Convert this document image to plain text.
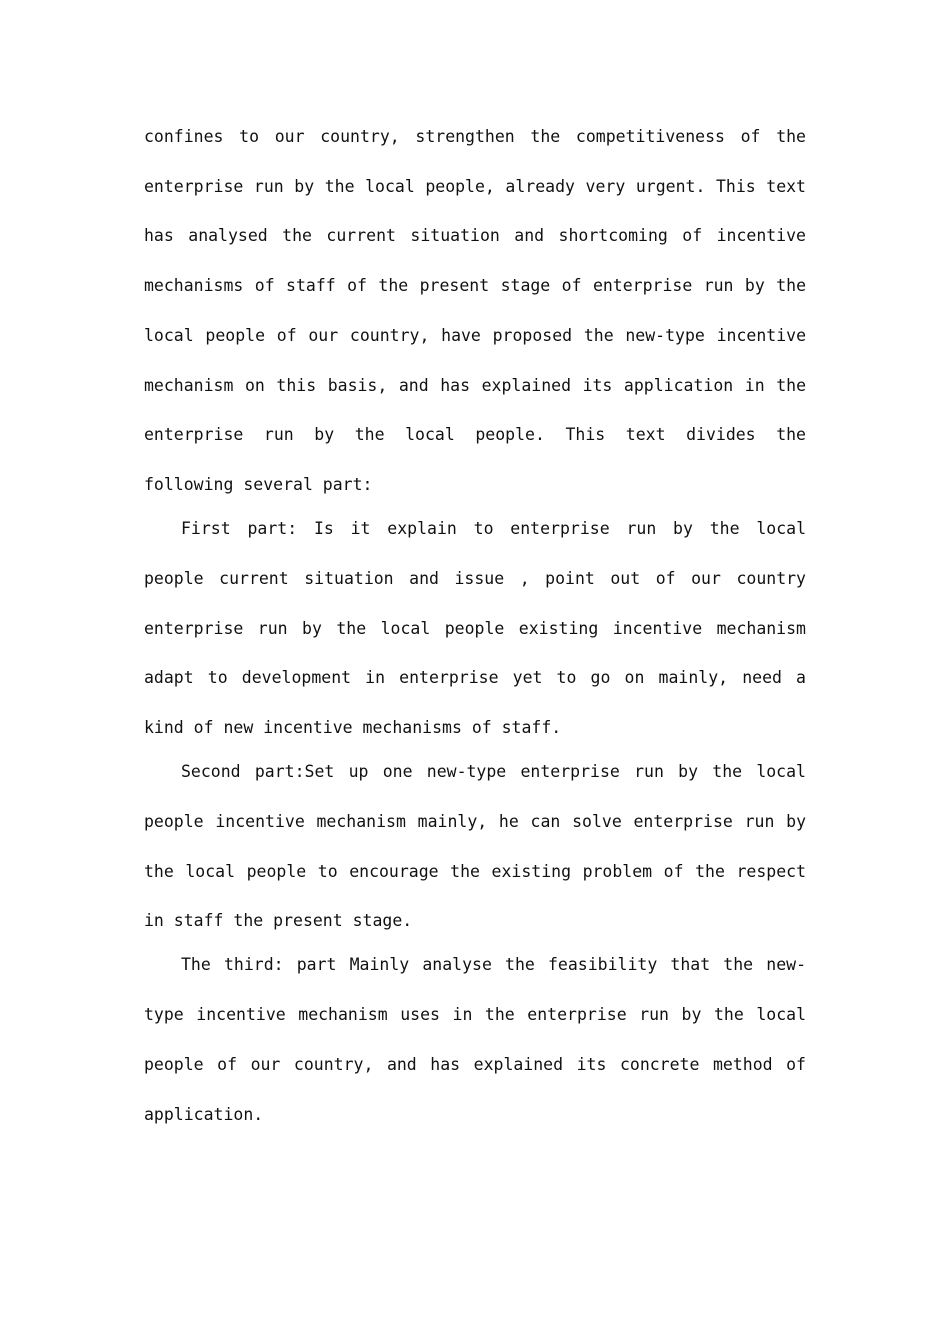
confines to our country, strengthen the competitiveness of the enterprise run by the local people, already very urgent. This text has analysed the current situation and shortcoming of incentive mechanisms of staff of the present stage of enterprise run by the local people of our country, have proposed the new-type incentive mechanism on this basis, and has explained its application in the enterprise run by the local people. This text divides the following several part:

First part: Is it explain to enterprise run by the local people current situation and issue , point out of our country enterprise run by the local people existing incentive mechanism adapt to development in enterprise yet to go on mainly, need a kind of new incentive mechanisms of staff.

Second part:Set up one new-type enterprise run by the local people incentive mechanism mainly, he can solve enterprise run by the local people to encourage the existing problem of the respect in staff the present stage.

The third: part Mainly analyse the feasibility that the new-type incentive mechanism uses in the enterprise run by the local people of our country, and has explained its concrete method of application.
